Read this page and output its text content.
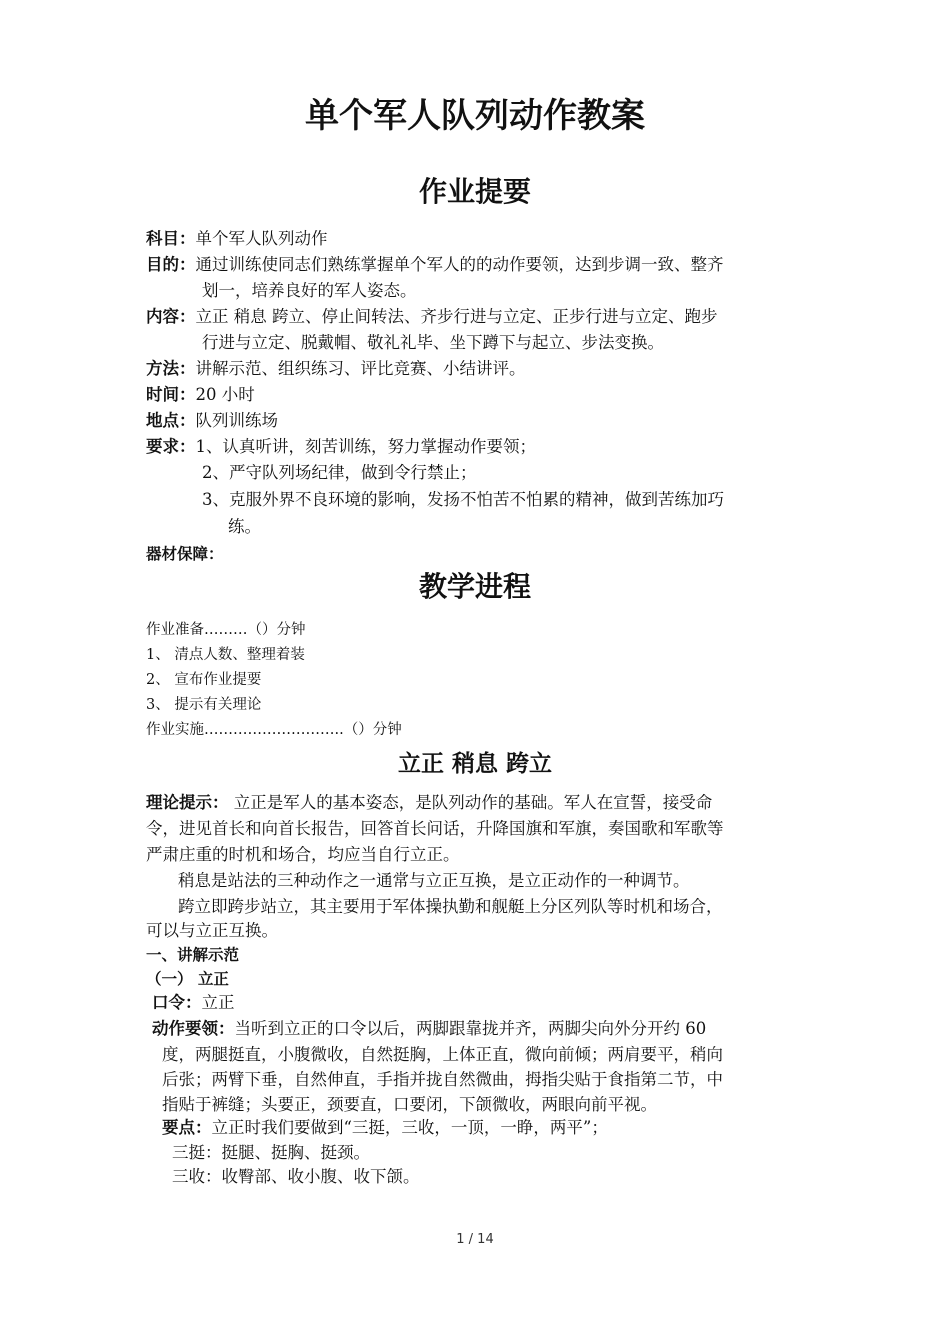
单个军人队列动作教案
作业提要
科目：单个军人队列动作
目的：通过训练使同志们熟练掌握单个军人的的动作要领，达到步调一致、整齐
划一，培养良好的军人姿态。
内容：立正 稍息 跨立、停止间转法、齐步行进与立定、正步行进与立定、跑步
行进与立定、脱戴帽、敬礼礼毕、坐下蹲下与起立、步法变换。
方法：讲解示范、组织练习、评比竞赛、小结讲评。
时间：20 小时
地点：队列训练场
要求：1、认真听讲，刻苦训练，努力掌握动作要领；
2、严守队列场纪律，做到令行禁止；
3、克服外界不良环境的影响，发扬不怕苦不怕累的精神，做到苦练加巧
练。
器材保障：
教学进程
作业准备………（）分钟
1、 清点人数、整理着装
2、 宣布作业提要
3、 提示有关理论
作业实施………………………..（）分钟
立正 稍息 跨立
理论提示： 立正是军人的基本姿态，是队列动作的基础。军人在宣誓，接受命
令，进见首长和向首长报告，回答首长问话，升降国旗和军旗，奏国歌和军歌等
严肃庄重的时机和场合，均应当自行立正。
稍息是站法的三种动作之一通常与立正互换，是立正动作的一种调节。
跨立即跨步站立，其主要用于军体操执勤和舰艇上分区列队等时机和场合，
可以与立正互换。
一、讲解示范
（一） 立正
口令：立正
动作要领：当听到立正的口令以后，两脚跟靠拢并齐，两脚尖向外分开约 60
度，两腿挺直，小腹微收，自然挺胸，上体正直，微向前倾；两肩要平，稍向
后张；两臂下垂，自然伸直，手指并拢自然微曲，拇指尖贴于食指第二节，中
指贴于裤缝；头要正，颈要直，口要闭，下颌微收，两眼向前平视。
要点：立正时我们要做到“三挺，三收，一顶，一睁，两平”；
三挺：挺腿、挺胸、挺颈。
三收：收臀部、收小腹、收下颌。
1 / 14
